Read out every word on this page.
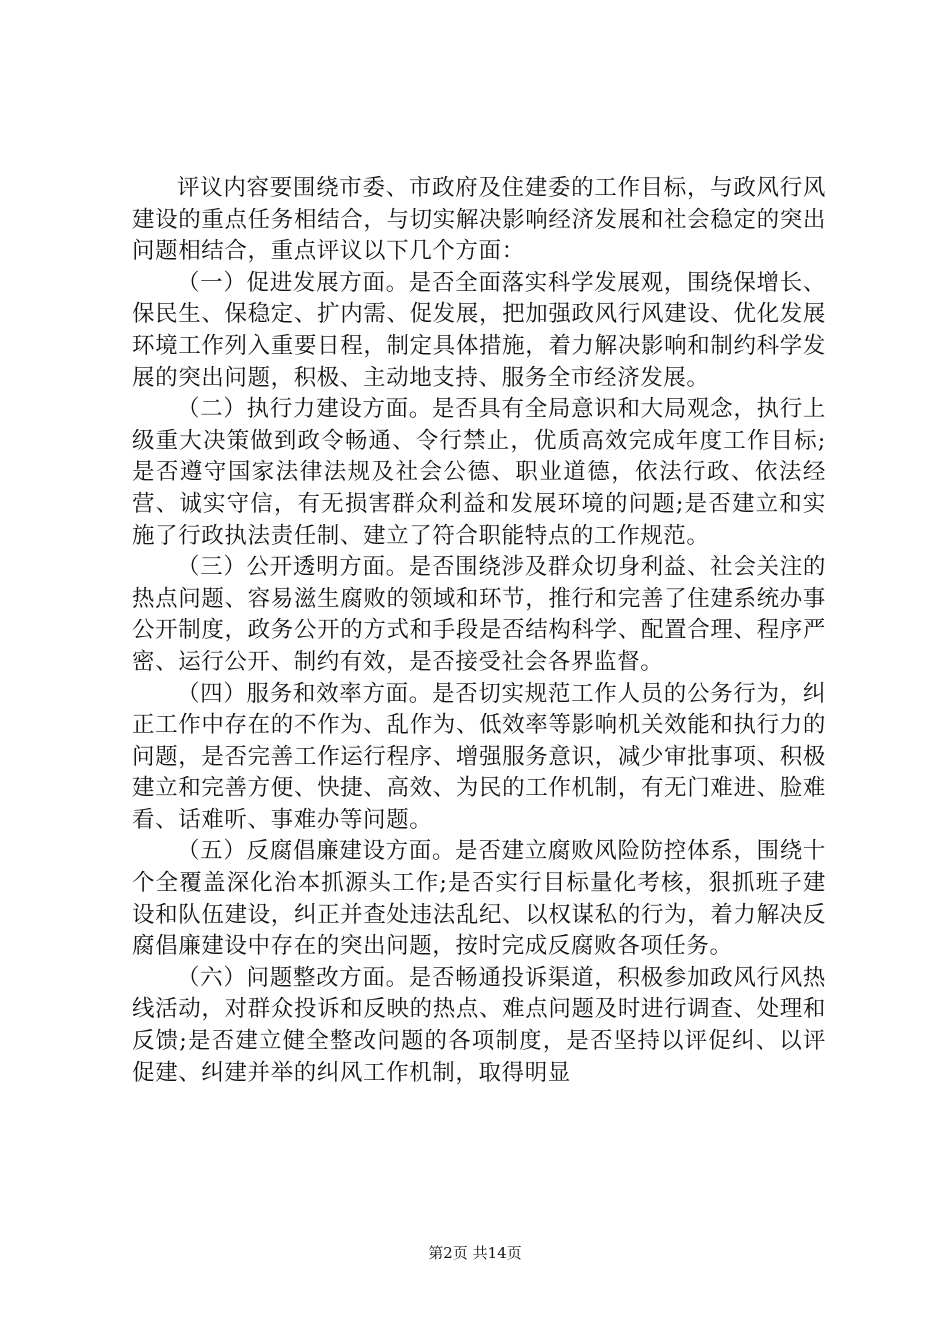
评议内容要围绕市委、市政府及住建委的工作目标，与政风行风建设的重点任务相结合，与切实解决影响经济发展和社会稳定的突出问题相结合，重点评议以下几个方面：

（一）促进发展方面。是否全面落实科学发展观，围绕保增长、保民生、保稳定、扩内需、促发展，把加强政风行风建设、优化发展环境工作列入重要日程，制定具体措施，着力解决影响和制约科学发展的突出问题，积极、主动地支持、服务全市经济发展。

（二）执行力建设方面。是否具有全局意识和大局观念，执行上级重大决策做到政令畅通、令行禁止，优质高效完成年度工作目标;是否遵守国家法律法规及社会公德、职业道德，依法行政、依法经营、诚实守信，有无损害群众利益和发展环境的问题;是否建立和实施了行政执法责任制、建立了符合职能特点的工作规范。

（三）公开透明方面。是否围绕涉及群众切身利益、社会关注的热点问题、容易滋生腐败的领域和环节，推行和完善了住建系统办事公开制度，政务公开的方式和手段是否结构科学、配置合理、程序严密、运行公开、制约有效，是否接受社会各界监督。

（四）服务和效率方面。是否切实规范工作人员的公务行为，纠正工作中存在的不作为、乱作为、低效率等影响机关效能和执行力的问题，是否完善工作运行程序、增强服务意识，减少审批事项、积极建立和完善方便、快捷、高效、为民的工作机制，有无门难进、脸难看、话难听、事难办等问题。

（五）反腐倡廉建设方面。是否建立腐败风险防控体系，围绕十个全覆盖深化治本抓源头工作;是否实行目标量化考核，狠抓班子建设和队伍建设，纠正并查处违法乱纪、以权谋私的行为，着力解决反腐倡廉建设中存在的突出问题，按时完成反腐败各项任务。

（六）问题整改方面。是否畅通投诉渠道，积极参加政风行风热线活动，对群众投诉和反映的热点、难点问题及时进行调查、处理和反馈;是否建立健全整改问题的各项制度，是否坚持以评促纠、以评促建、纠建并举的纠风工作机制，取得明显

第2页 共14页
